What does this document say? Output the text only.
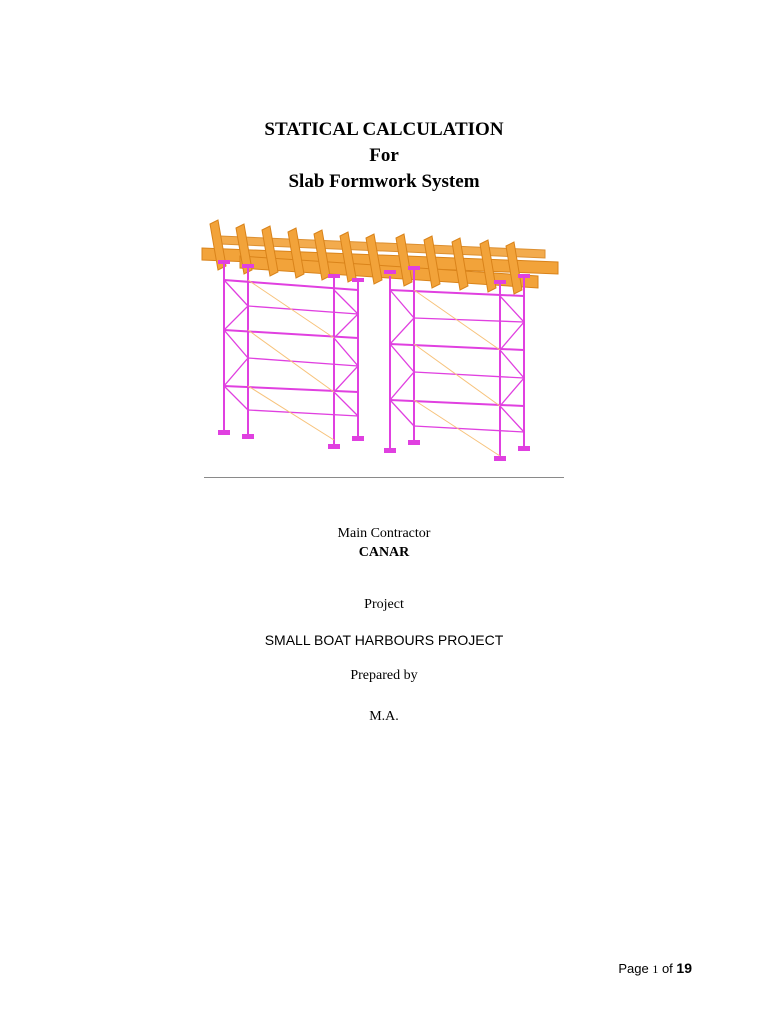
STATICAL CALCULATION
For
Slab Formwork System
Main Contractor
CANAR
Project
SMALL BOAT HARBOURS PROJECT
Prepared by
M.A.
Page 1 of 19
